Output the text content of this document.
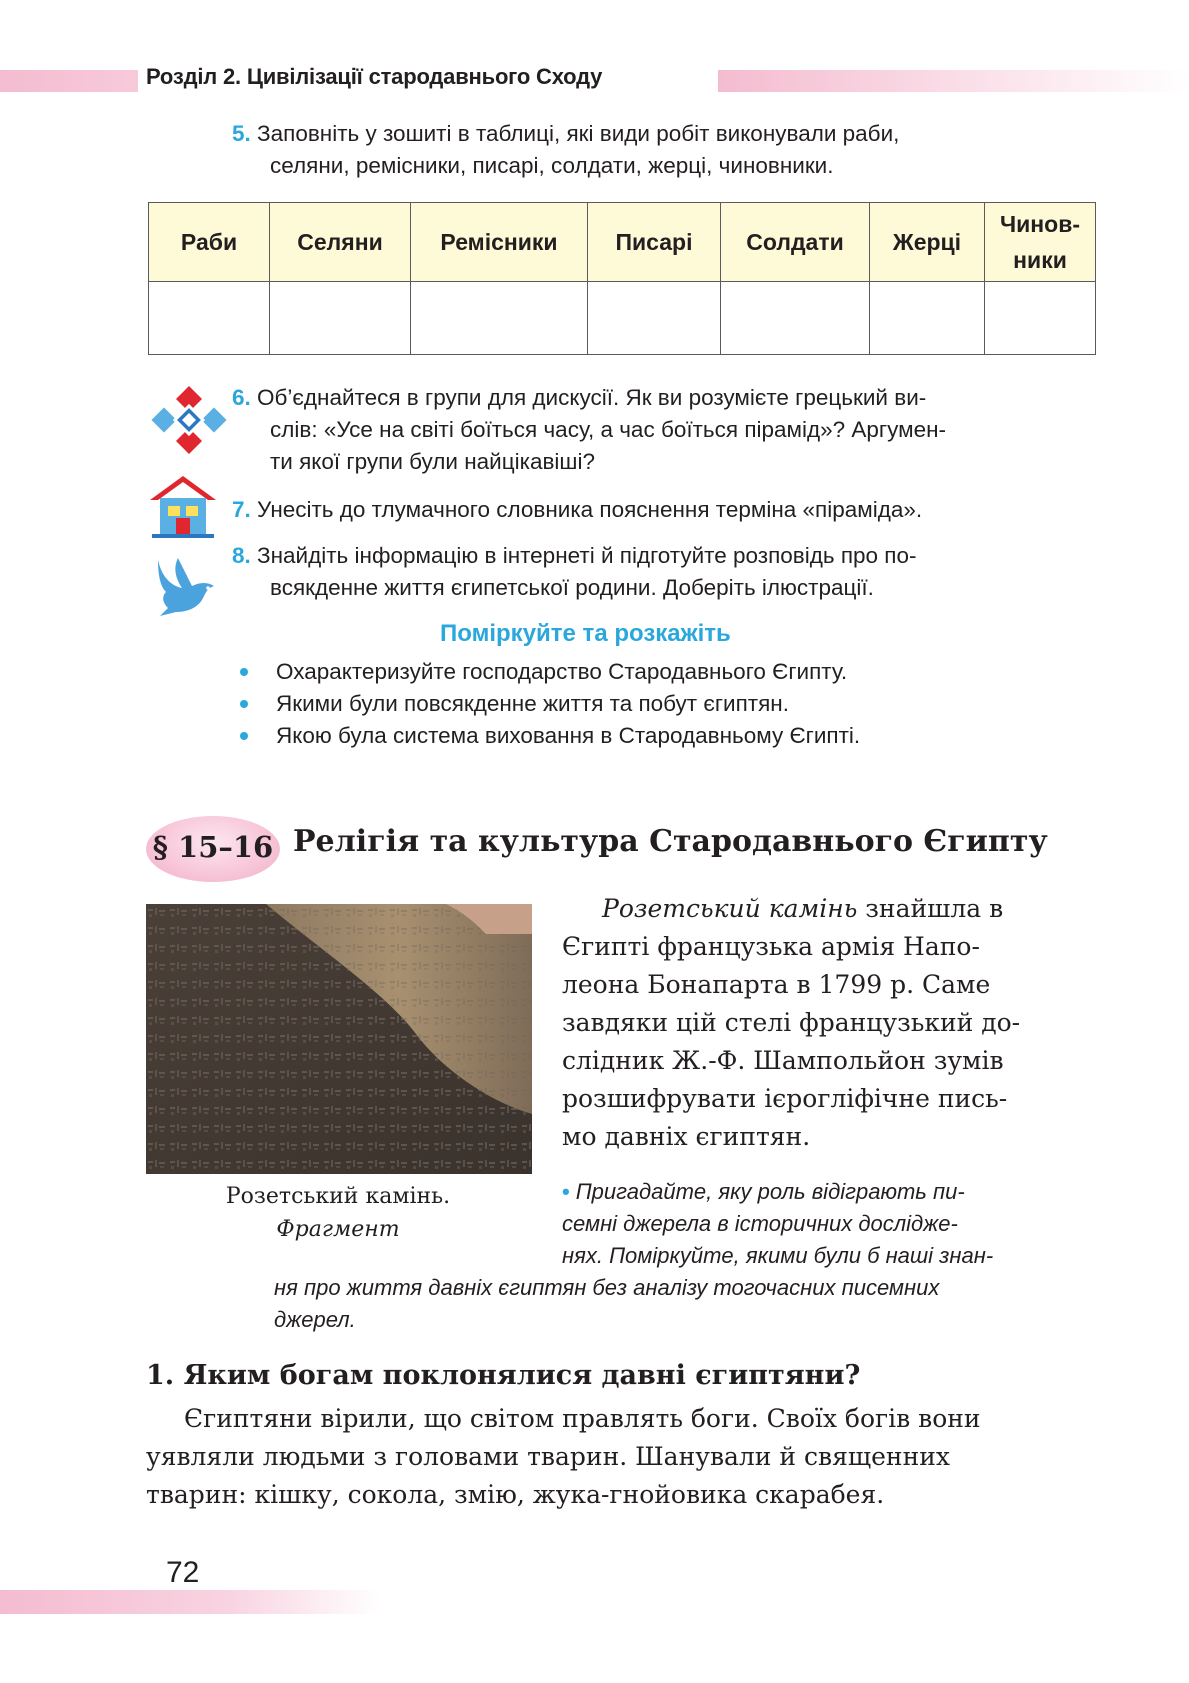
Розділ 2. Цивілізації стародавнього Сходу
5. Заповніть у зошиті в таблиці, які види робіт виконували раби,
селяни, ремісники, писарі, солдати, жерці, чиновники.
Раби	Селяни	Ремісники	Писарі	Солдати	Жерці	Чинов-
ники

6. Об’єднайтеся в групи для дискусії. Як ви розумієте грецький ви-
слів: «Усе на світі боїться часу, а час боїться пірамід»? Аргумен-
ти якої групи були найцікавіші?
7. Унесіть до тлумачного словника пояснення терміна «піраміда».
8. Знайдіть інформацію в інтернеті й підготуйте розповідь про по-
всякденне життя єгипетської родини. Доберіть ілюстрації.
Поміркуйте та розкажіть
Охарактеризуйте господарство Стародавнього Єгипту.
Якими були повсякденне життя та побут єгиптян.
Якою була система виховання в Стародавньому Єгипті.
§ 15–16 Релігія та культура Стародавнього Єгипту
Розетський камінь.
Фрагмент
Розетський камінь знайшла в
Єгипті французька армія Напо-
леона Бонапарта в 1799 р. Саме
завдяки цій стелі французький до-
слідник Ж.-Ф. Шампольйон зумів
розшифрувати ієрогліфічне пись-
мо давніх єгиптян.
• Пригадайте, яку роль відіграють пи-
семні джерела в історичних дослідже-
нях. Поміркуйте, якими були б наші знан-
ня про життя давніх єгиптян без аналізу тогочасних писемних
джерел.
1. Яким богам поклонялися давні єгиптяни?
Єгиптяни вірили, що світом правлять боги. Своїх богів вони
уявляли людьми з головами тварин. Шанували й священних
тварин: кішку, сокола, змію, жука-гнойовика скарабея.
72
